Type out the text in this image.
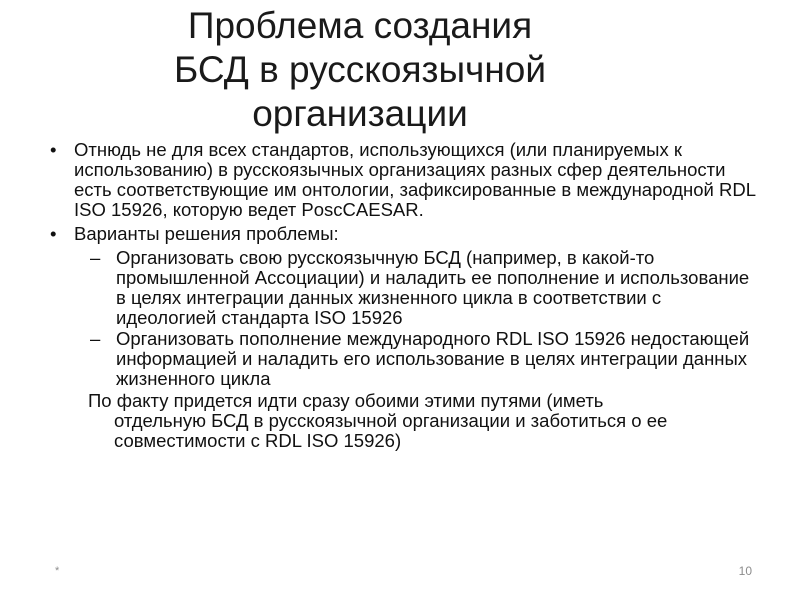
Проблема создания
БСД в русскоязычной
организации
• Отнюдь не для всех стандартов, использующихся (или планируемых к использованию) в русскоязычных организациях разных сфер деятельности есть соответствующие им онтологии, зафиксированные в международной RDL ISO 15926, которую ведет PoscCAESAR.
• Варианты решения проблемы:
– Организовать свою русскоязычную БСД (например, в какой-то промышленной Ассоциации) и наладить ее пополнение и использование в целях интеграции данных жизненного цикла в соответствии с идеологией стандарта ISO 15926
– Организовать пополнение международного RDL ISO 15926 недостающей информацией и наладить его использование в целях интеграции данных жизненного цикла
По факту придется идти сразу обоими этими путями (иметь
отдельную БСД в русскоязычной организации и заботиться о ее совместимости с RDL ISO 15926)
*	10
